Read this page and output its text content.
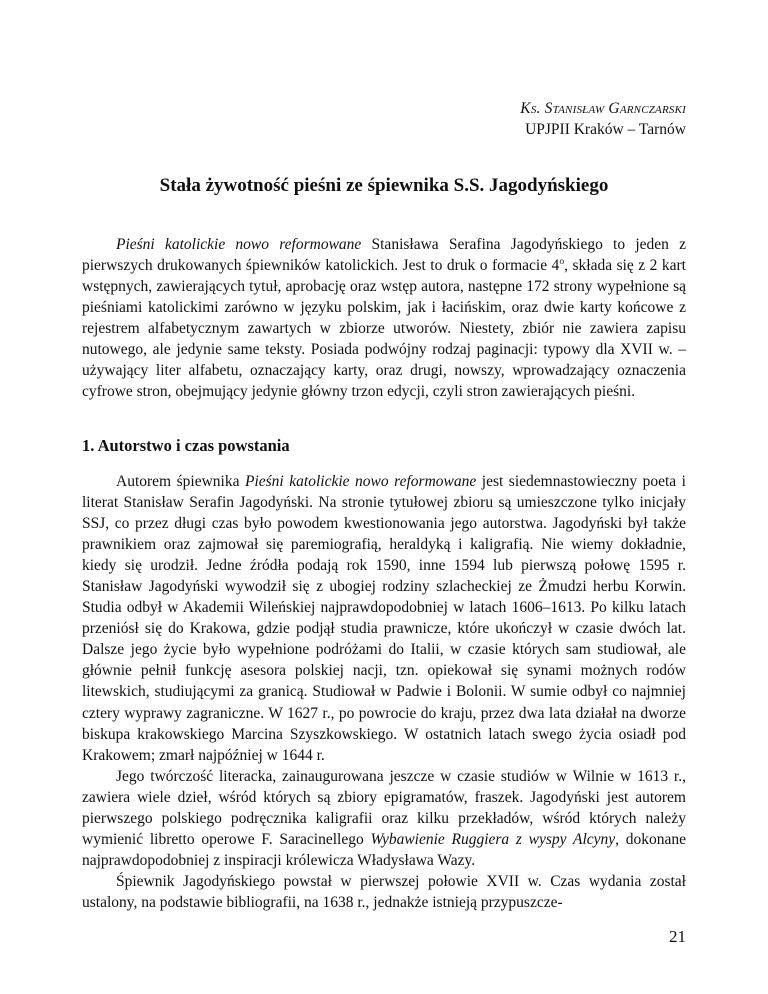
Ks. Stanisław Garnczarski
UPJPII Kraków – Tarnów
Stała żywotność pieśni ze śpiewnika S.S. Jagodyńskiego

Pieśni katolickie nowo reformowane Stanisława Serafina Jagodyńskiego to jeden z pierwszych drukowanych śpiewników katolickich. Jest to druk o formacie 4$^o$, składa się z 2 kart wstępnych, zawierających tytuł, aprobację oraz wstęp autora, następne 172 strony wypełnione są pieśniami katolickimi zarówno w języku polskim, jak i łacińskim, oraz dwie karty końcowe z rejestrem alfabetycznym zawartych w zbiorze utworów. Niestety, zbiór nie zawiera zapisu nutowego, ale jedynie same teksty. Posiada podwójny rodzaj paginacji: typowy dla XVII w. – używający liter alfabetu, oznaczający karty, oraz drugi, nowszy, wprowadzający oznaczenia cyfrowe stron, obejmujący jedynie główny trzon edycji, czyli stron zawierających pieśni.

1. Autorstwo i czas powstania

Autorem śpiewnika Pieśni katolickie nowo reformowane jest siedemnastowieczny poeta i literat Stanisław Serafin Jagodyński. Na stronie tytułowej zbioru są umieszczone tylko inicjały SSJ, co przez długi czas było powodem kwestionowania jego autorstwa. Jagodyński był także prawnikiem oraz zajmował się paremiografią, heraldyką i kaligrafią. Nie wiemy dokładnie, kiedy się urodził. Jedne źródła podają rok 1590, inne 1594 lub pierwszą połowę 1595 r. Stanisław Jagodyński wywodził się z ubogiej rodziny szlacheckiej ze Żmudzi herbu Korwin. Studia odbył w Akademii Wileńskiej najprawdopodobniej w latach 1606–1613. Po kilku latach przeniósł się do Krakowa, gdzie podjął studia prawnicze, które ukończył w czasie dwóch lat. Dalsze jego życie było wypełnione podróżami do Italii, w czasie których sam studiował, ale głównie pełnił funkcję asesora polskiej nacji, tzn. opiekował się synami możnych rodów litewskich, studiującymi za granicą. Studiował w Padwie i Bolonii. W sumie odbył co najmniej cztery wyprawy zagraniczne. W 1627 r., po powrocie do kraju, przez dwa lata działał na dworze biskupa krakowskiego Marcina Szyszkowskiego. W ostatnich latach swego życia osiadł pod Krakowem; zmarł najpóźniej w 1644 r.

Jego twórczość literacka, zainaugurowana jeszcze w czasie studiów w Wilnie w 1613 r., zawiera wiele dzieł, wśród których są zbiory epigramatów, fraszek. Jagodyński jest autorem pierwszego polskiego podręcznika kaligrafii oraz kilku przekładów, wśród których należy wymienić libretto operowe F. Saracinellego Wybawienie Ruggiera z wyspy Alcyny, dokonane najprawdopodobniej z inspiracji królewicza Władysława Wazy.

Śpiewnik Jagodyńskiego powstał w pierwszej połowie XVII w. Czas wydania został ustalony, na podstawie bibliografii, na 1638 r., jednakże istnieją przypuszcze-

21
